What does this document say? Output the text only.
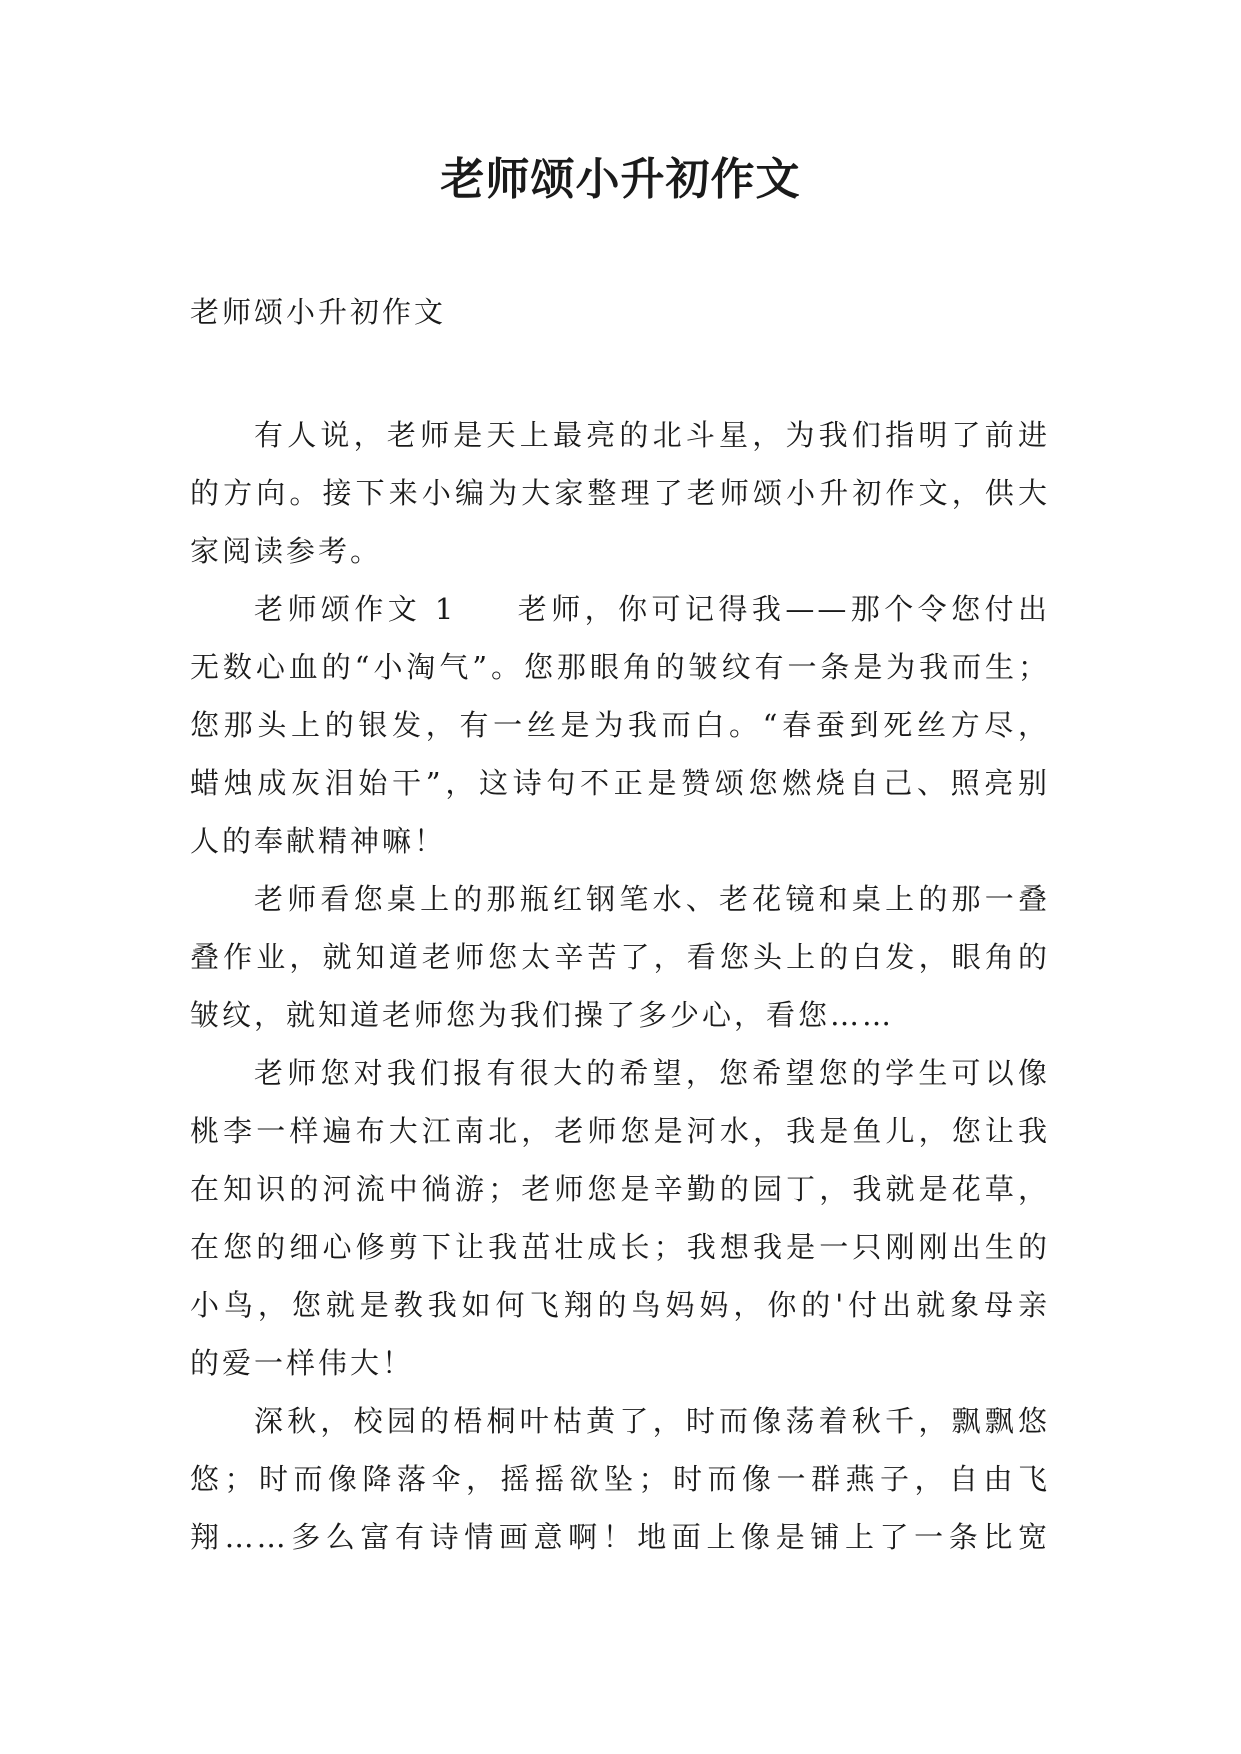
老师颂小升初作文
老师颂小升初作文

有人说，老师是天上最亮的北斗星，为我们指明了前进
的方向。接下来小编为大家整理了老师颂小升初作文，供大
家阅读参考。

老师颂作文 1 老师，你可记得我——那个令您付出
无数心血的“小淘气”。您那眼角的皱纹有一条是为我而生；
您那头上的银发，有一丝是为我而白。“春蚕到死丝方尽，
蜡烛成灰泪始干”，这诗句不正是赞颂您燃烧自己、照亮别
人的奉献精神嘛！

老师看您桌上的那瓶红钢笔水、老花镜和桌上的那一叠
叠作业，就知道老师您太辛苦了，看您头上的白发，眼角的
皱纹，就知道老师您为我们操了多少心，看您……

老师您对我们报有很大的希望，您希望您的学生可以像
桃李一样遍布大江南北，老师您是河水，我是鱼儿，您让我
在知识的河流中徜游；老师您是辛勤的园丁，我就是花草，
在您的细心修剪下让我茁壮成长；我想我是一只刚刚出生的
小鸟，您就是教我如何飞翔的鸟妈妈，你的'付出就象母亲
的爱一样伟大！

深秋，校园的梧桐叶枯黄了，时而像荡着秋千，飘飘悠
悠；时而像降落伞，摇摇欲坠；时而像一群燕子，自由飞
翔……多么富有诗情画意啊！地面上像是铺上了一条比宽
